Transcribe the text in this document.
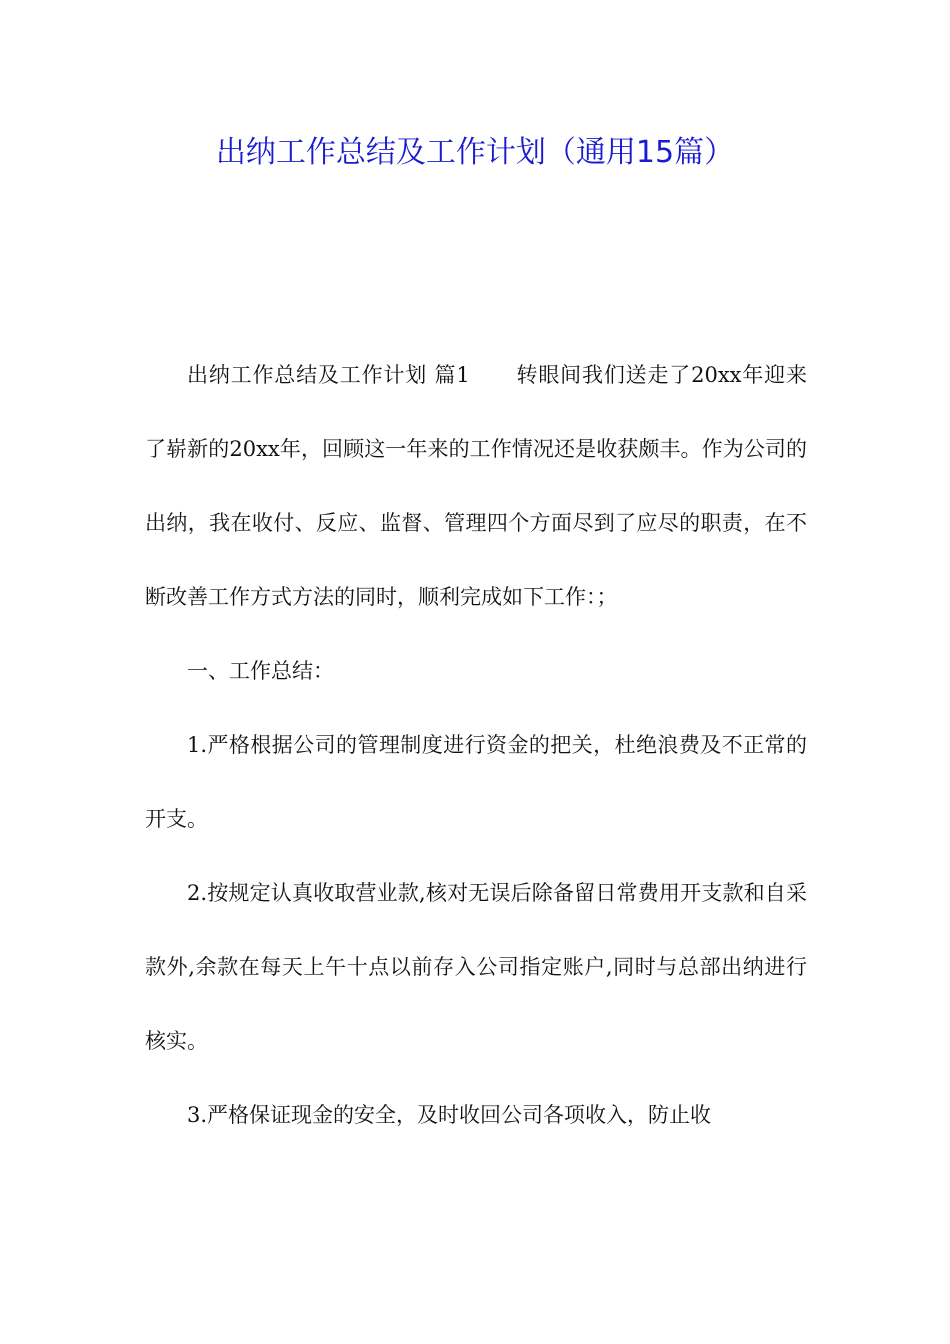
出纳工作总结及工作计划（通用15篇）

出纳工作总结及工作计划 篇1 转眼间我们送走了20xx年迎来了崭新的20xx年，回顾这一年来的工作情况还是收获颇丰。作为公司的出纳，我在收付、反应、监督、管理四个方面尽到了应尽的职责，在不断改善工作方式方法的同时，顺利完成如下工作：；

一、工作总结：

1.严格根据公司的管理制度进行资金的把关，杜绝浪费及不正常的开支。

2.按规定认真收取营业款,核对无误后除备留日常费用开支款和自采款外,余款在每天上午十点以前存入公司指定账户,同时与总部出纳进行核实。

3.严格保证现金的安全，及时收回公司各项收入，防止收
